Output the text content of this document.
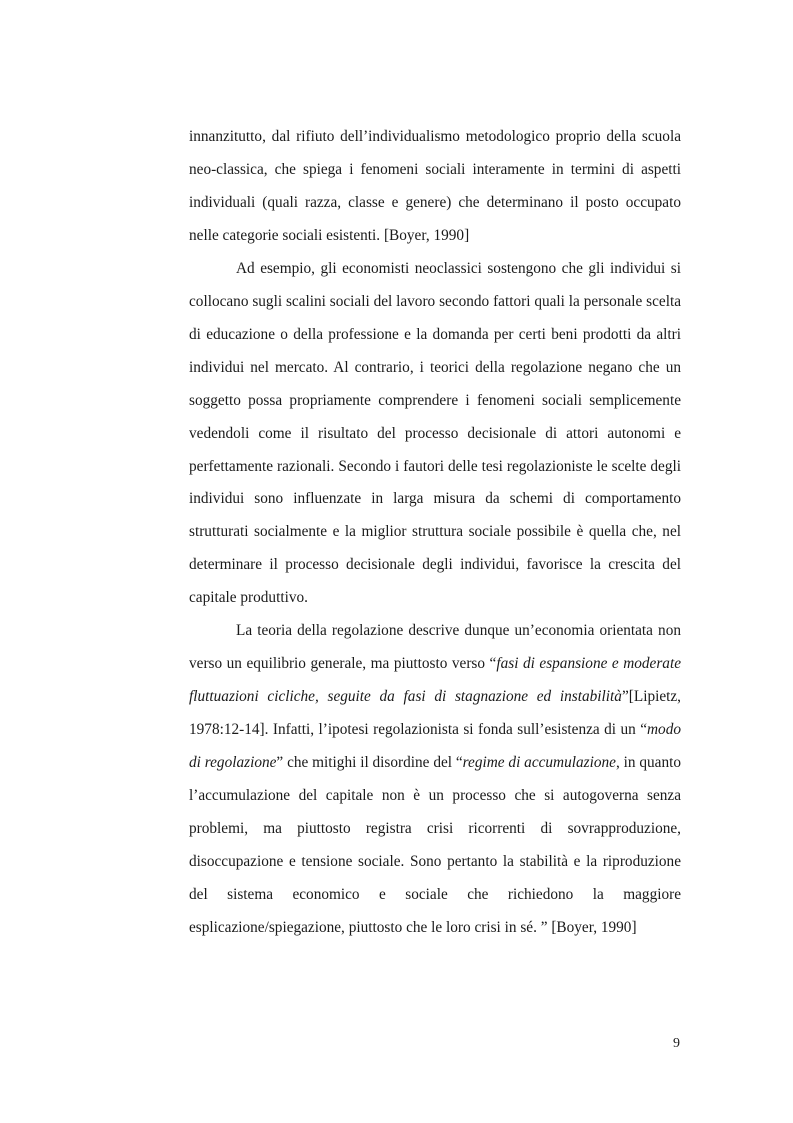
innanzitutto, dal rifiuto dell’individualismo metodologico proprio della scuola neo-classica, che spiega i fenomeni sociali interamente in termini di aspetti individuali (quali razza, classe e genere) che determinano il posto occupato nelle categorie sociali esistenti. [Boyer, 1990]

Ad esempio, gli economisti neoclassici sostengono che gli individui si collocano sugli scalini sociali del lavoro secondo fattori quali la personale scelta di educazione o della professione e la domanda per certi beni prodotti da altri individui nel mercato. Al contrario, i teorici della regolazione negano che un soggetto possa propriamente comprendere i fenomeni sociali semplicemente vedendoli come il risultato del processo decisionale di attori autonomi e perfettamente razionali. Secondo i fautori delle tesi regolazioniste le scelte degli individui sono influenzate in larga misura da schemi di comportamento strutturati socialmente e la miglior struttura sociale possibile è quella che, nel determinare il processo decisionale degli individui, favorisce la crescita del capitale produttivo.

La teoria della regolazione descrive dunque un’economia orientata non verso un equilibrio generale, ma piuttosto verso “fasi di espansione e moderate fluttuazioni cicliche, seguite da fasi di stagnazione ed instabilità”[Lipietz, 1978:12-14]. Infatti, l’ipotesi regolazionista si fonda sull’esistenza di un “modo di regolazione” che mitighi il disordine del “regime di accumulazione, in quanto l’accumulazione del capitale non è un processo che si autogoverna senza problemi, ma piuttosto registra crisi ricorrenti di sovrapproduzione, disoccupazione e tensione sociale. Sono pertanto la stabilità e la riproduzione del sistema economico e sociale che richiedono la maggiore esplicazione/spiegazione, piuttosto che le loro crisi in sé. ” [Boyer, 1990]

9
